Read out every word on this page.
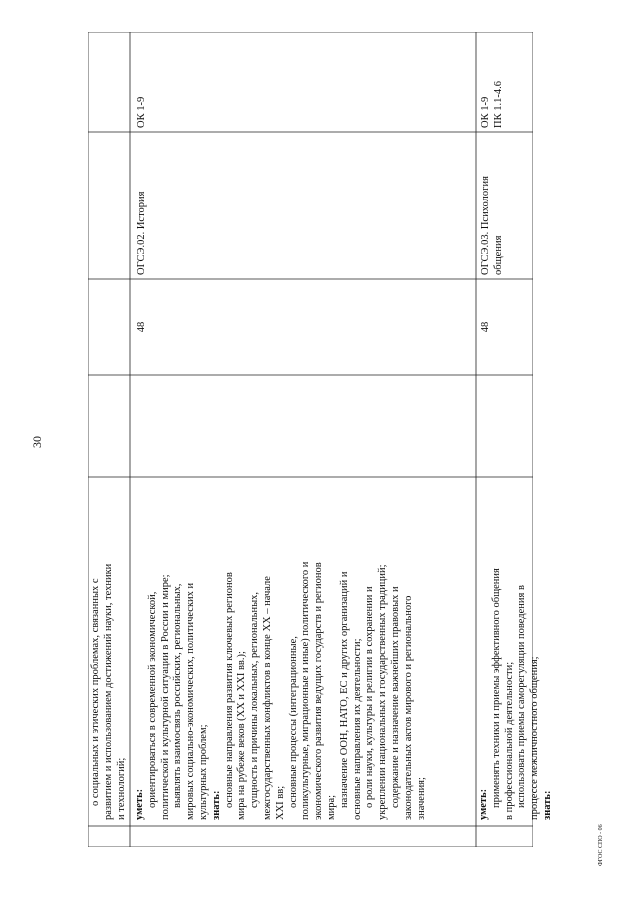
30

о социальных и этических проблемах, связанных с развитием и использованием достижений науки, техники и технологий; уметь: ориентироваться в современной экономической, политической и культурной ситуации в России и мире; выявлять взаимосвязь российских, региональных, мировых социально-экономических, политических и культурных проблем; знать: основные направления развития ключевых регионов мира на рубеже веков (XX и XXI вв.); сущность и причины локальных, региональных, межгосударственных конфликтов в конце XX – начале XXI вв; основные процессы (интеграционные, поликультурные, миграционные и иные) политического и экономического развития ведущих государств и регионов мира; назначение ООН, НАТО, ЕС и других организаций и основные направления их деятельности; о роли науки, культуры и религии в сохранении и укреплении национальных и государственных традиций; содержание и назначение важнейших правовых и законодательных актов мирового и регионального значения;	уметь: применять техники и приемы эффективного общения в профессиональной деятельности; использовать приемы саморегуляции поведения в процессе межличностного общения; знать:

48
ОГСЭ.02. История
ОК 1-9
48
ОГСЭ.03. Психология общения
ОК 1-9
ПК 1.1-4.6
ФГОС СПО - 06
